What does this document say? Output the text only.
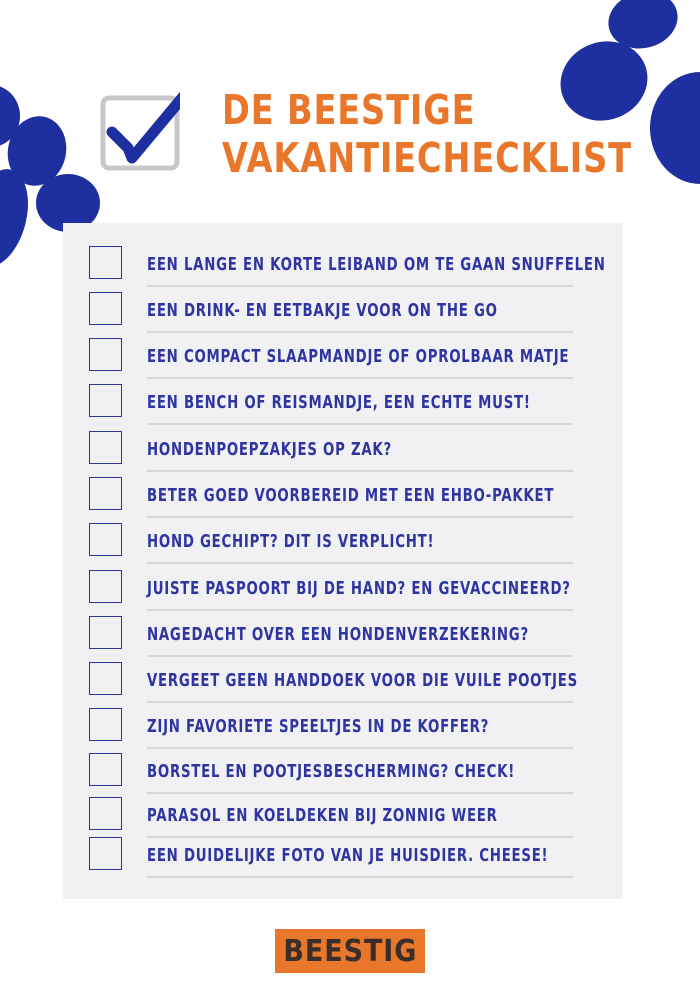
DE BEESTIGE
VAKANTIECHECKLIST
EEN LANGE EN KORTE LEIBAND OM TE GAAN SNUFFELEN
EEN DRINK- EN EETBAKJE VOOR ON THE GO
EEN COMPACT SLAAPMANDJE OF OPROLBAAR MATJE
EEN BENCH OF REISMANDJE, EEN ECHTE MUST!
HONDENPOEPZAKJES OP ZAK?
BETER GOED VOORBEREID MET EEN EHBO-PAKKET
HOND GECHIPT? DIT IS VERPLICHT!
JUISTE PASPOORT BIJ DE HAND? EN GEVACCINEERD?
NAGEDACHT OVER EEN HONDENVERZEKERING?
VERGEET GEEN HANDDOEK VOOR DIE VUILE POOTJES
ZIJN FAVORIETE SPEELTJES IN DE KOFFER?
BORSTEL EN POOTJESBESCHERMING? CHECK!
PARASOL EN KOELDEKEN BIJ ZONNIG WEER
EEN DUIDELIJKE FOTO VAN JE HUISDIER. CHEESE!
BEESTIG
